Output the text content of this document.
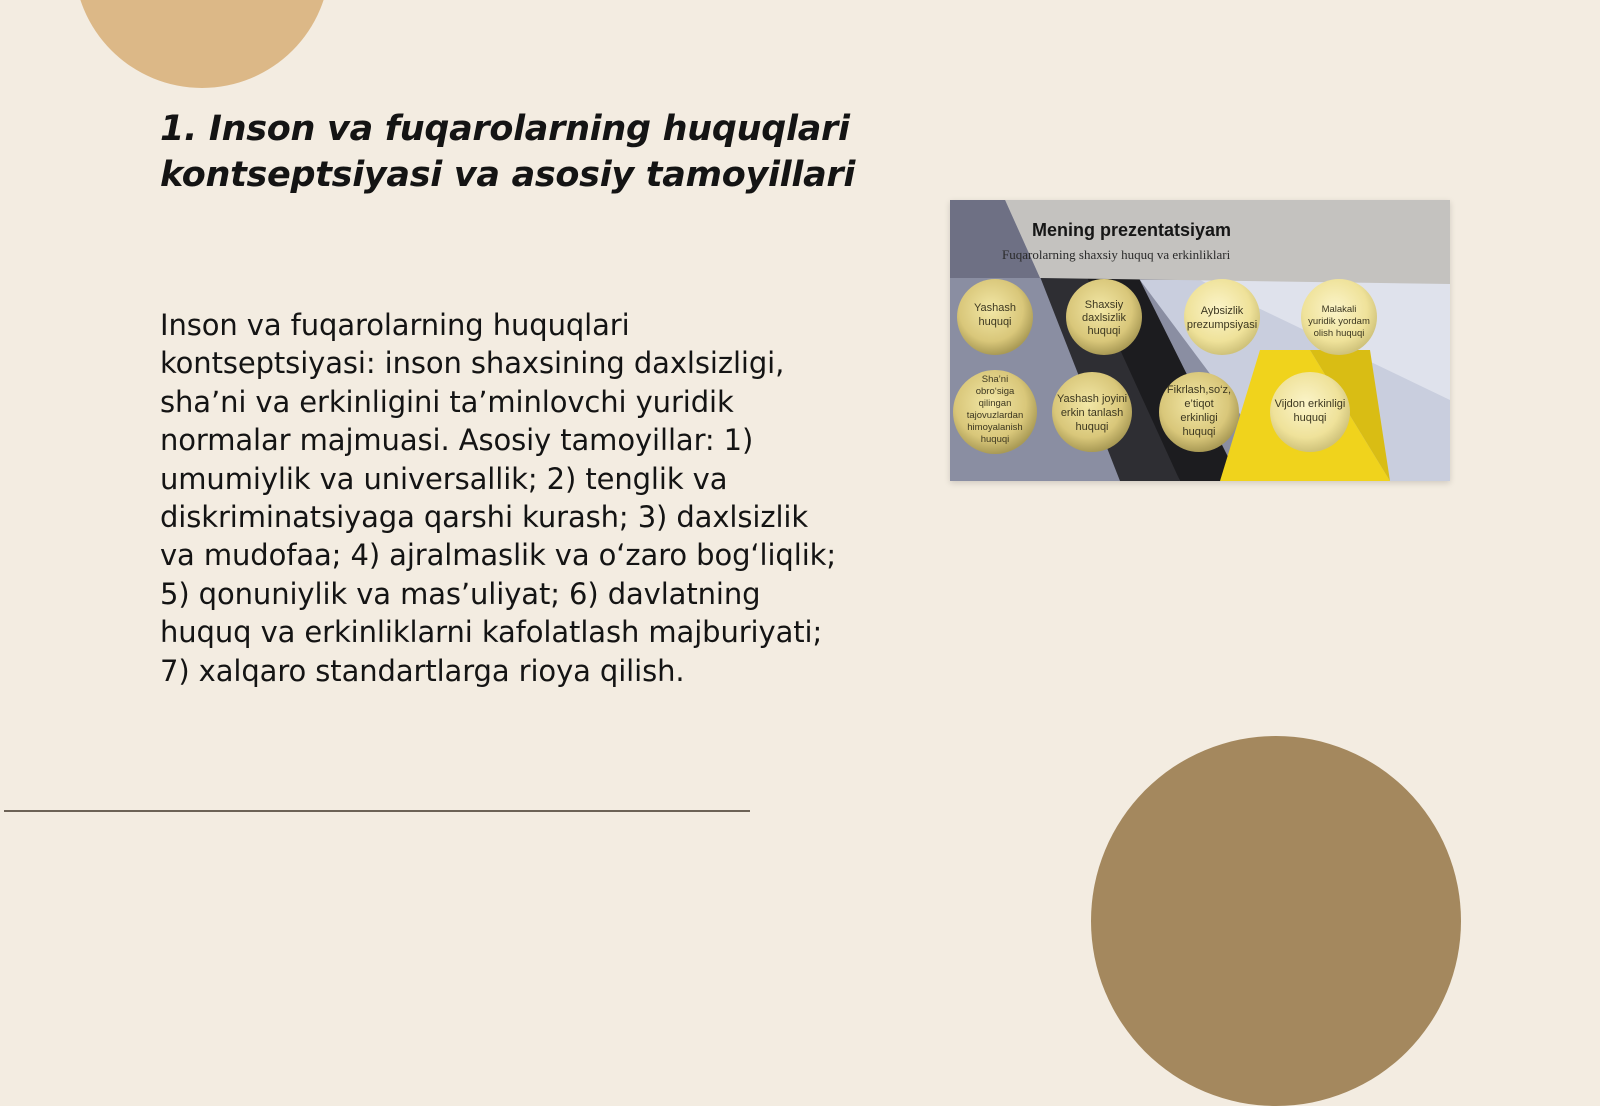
1. Inson va fuqarolarning huquqlari
kontseptsiyasi va asosiy tamoyillari

Inson va fuqarolarning huquqlari kontseptsiyasi: inson shaxsining daxlsizligi, sha’ni va erkinligini ta’minlovchi yuridik normalar majmuasi. Asosiy tamoyillar: 1) umumiylik va universallik; 2) tenglik va diskriminatsiyaga qarshi kurash; 3) daxlsizlik va mudofaa; 4) ajralmaslik va o‘zaro bog‘liqlik; 5) qonuniylik va mas’uliyat; 6) davlatning huquq va erkinliklarni kafolatlash majburiyati; 7) xalqaro standartlarga rioya qilish.

Mening prezentatsiyam
Fuqarolarning shaxsiy huquq va erkinliklari
Yashash
huquqi
Shaxsiy
daxlsizlik
huquqi
Aybsizlik
prezumpsiyasi
Malakali
yuridik yordam
olish huquqi
Sha’ni
obro‘siga
qilingan
tajovuzlardan
himoyalanish
huquqi
Yashash joyini
erkin tanlash
huquqi
Fikrlash,so‘z,
e’tiqot
erkinligi
huquqi
Vijdon erkinligi
huquqi
